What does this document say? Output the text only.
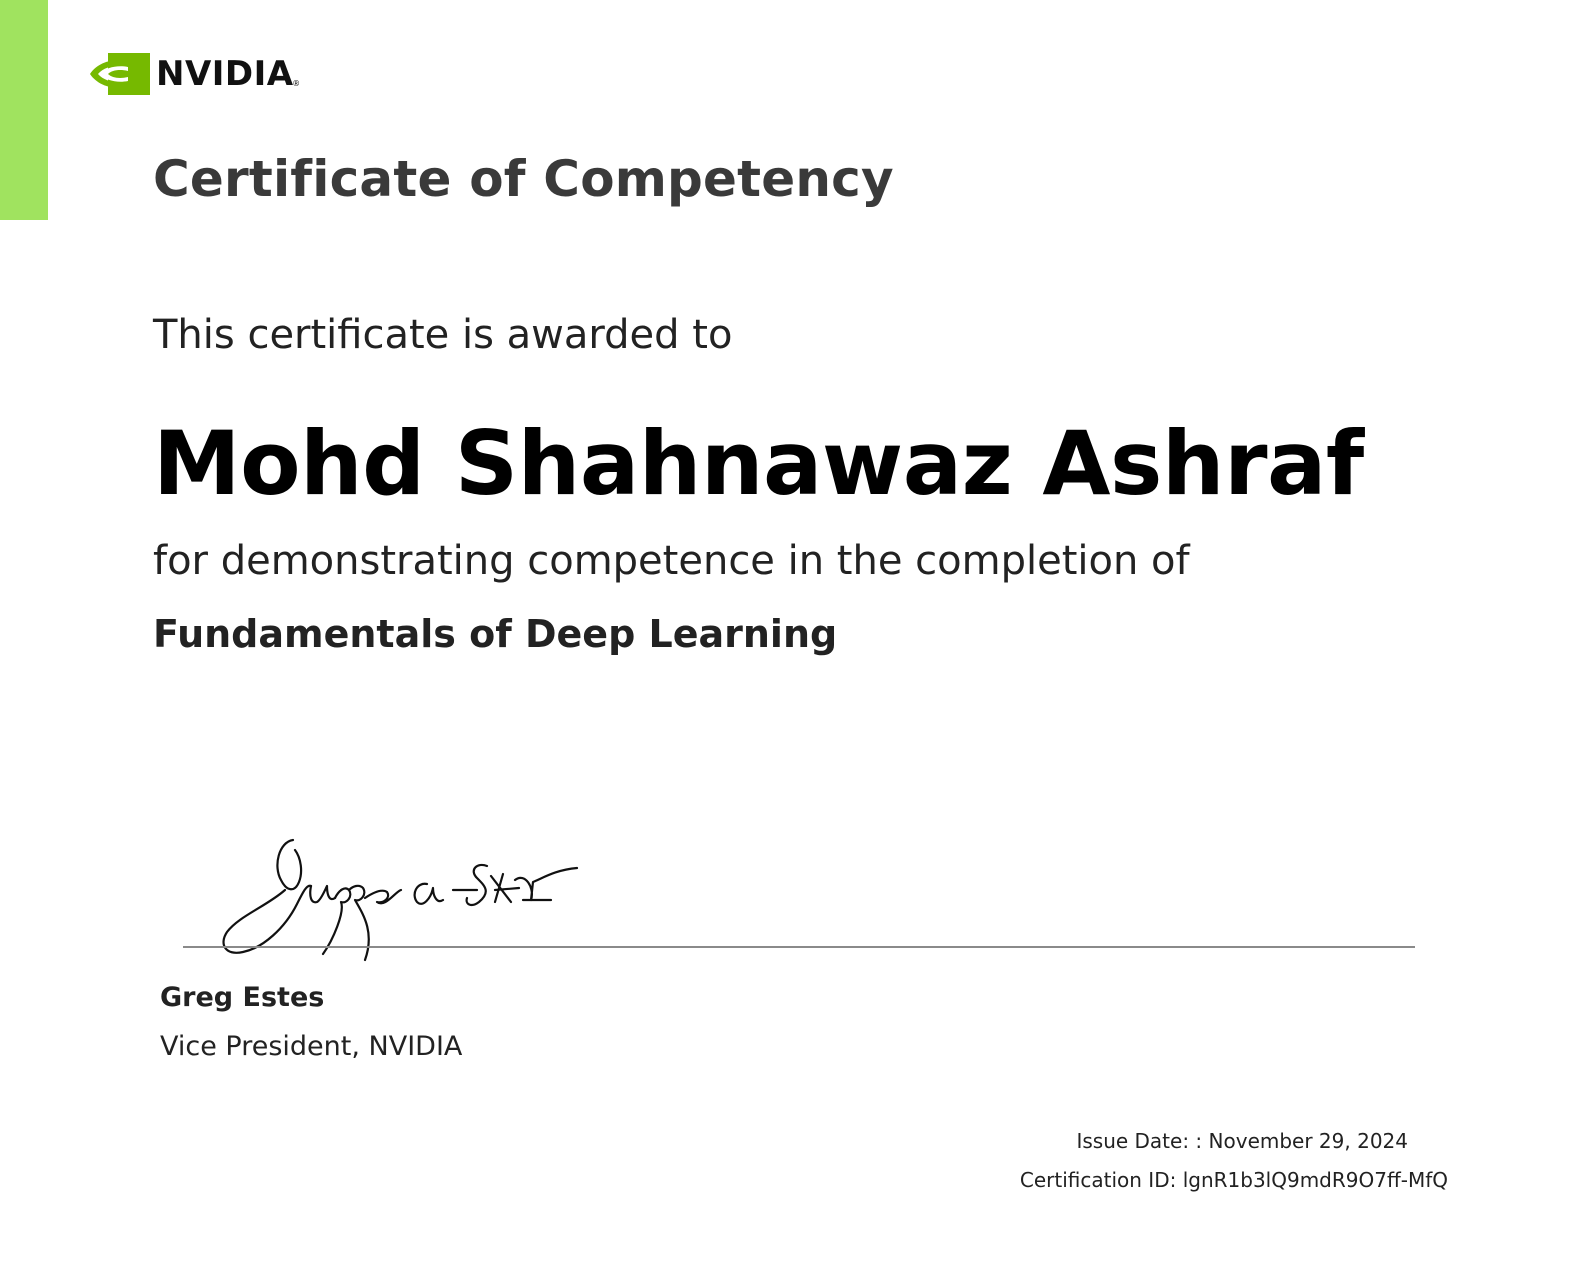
NVIDIA
®
Certificate of Competency
This certificate is awarded to
Mohd Shahnawaz Ashraf
for demonstrating competence in the completion of
Fundamentals of Deep Learning
Greg Estes
Vice President, NVIDIA
Issue Date: : November 29, 2024
Certification ID: lgnR1b3lQ9mdR9O7ff-MfQ
